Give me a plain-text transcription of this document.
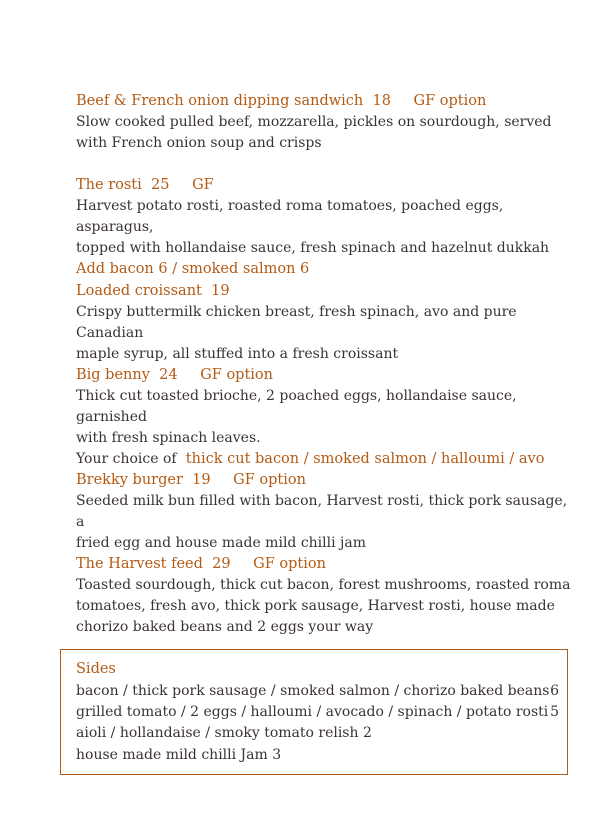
Beef & French onion dipping sandwich 18 GF option
Slow cooked pulled beef, mozzarella, pickles on sourdough, served
with French onion soup and crisps
The rosti 25 GF
Harvest potato rosti, roasted roma tomatoes, poached eggs, asparagus,
topped with hollandaise sauce, fresh spinach and hazelnut dukkah
Add bacon 6 / smoked salmon 6
Loaded croissant 19
Crispy buttermilk chicken breast, fresh spinach, avo and pure Canadian
maple syrup, all stuffed into a fresh croissant
Big benny 24 GF option
Thick cut toasted brioche, 2 poached eggs, hollandaise sauce, garnished
with fresh spinach leaves.
Your choice of thick cut bacon / smoked salmon / halloumi / avo
Brekky burger 19 GF option
Seeded milk bun filled with bacon, Harvest rosti, thick pork sausage, a
fried egg and house made mild chilli jam
The Harvest feed 29 GF option
Toasted sourdough, thick cut bacon, forest mushrooms, roasted roma
tomatoes, fresh avo, thick pork sausage, Harvest rosti, house made
chorizo baked beans and 2 eggs your way
Sides
bacon / thick pork sausage / smoked salmon / chorizo baked beans 6
grilled tomato / 2 eggs / halloumi / avocado / spinach / potato rosti 5
aioli / hollandaise / smoky tomato relish 2
house made mild chilli Jam 3
